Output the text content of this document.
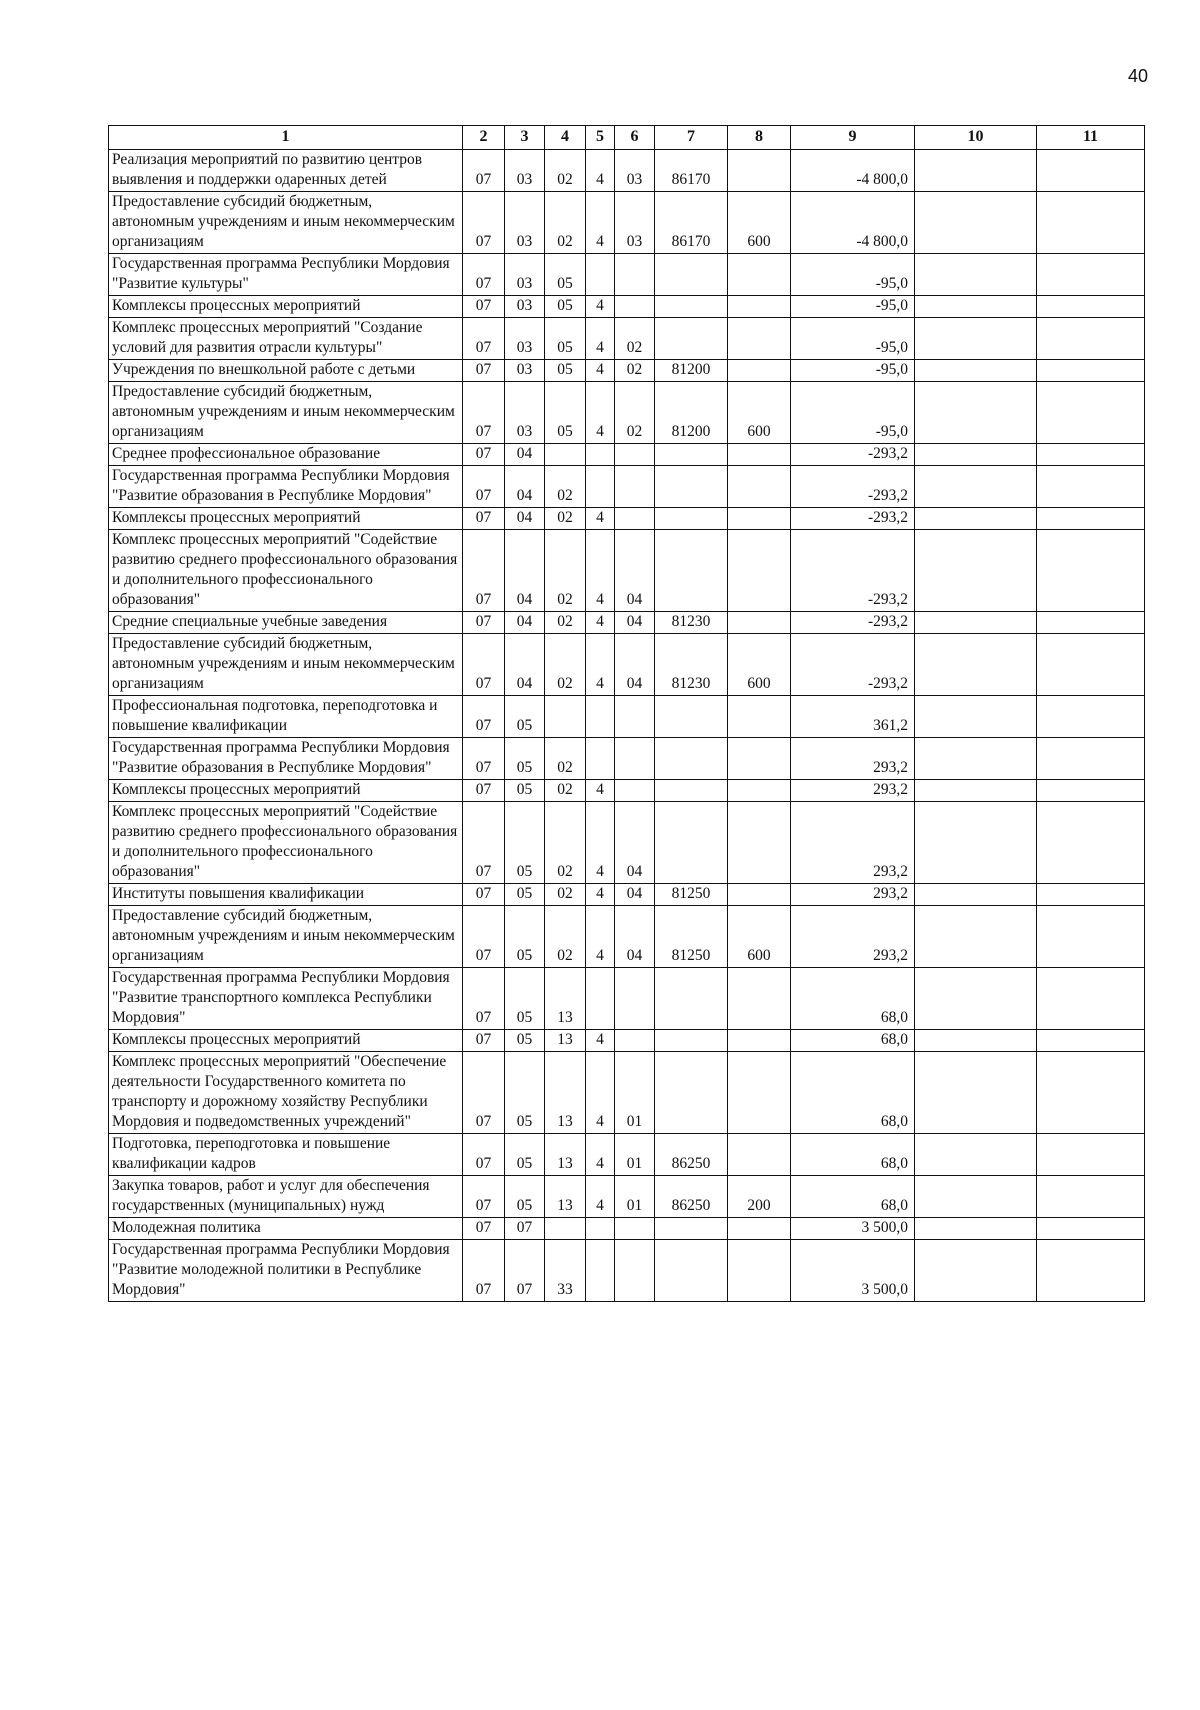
40
1	2	3	4	5	6	7	8	9	10	11
Реализация мероприятий по развитию центров выявления и поддержки одаренных детей	07	03	02	4	03	86170		-4 800,0		
Предоставление субсидий бюджетным, автономным учреждениям и иным некоммерческим организациям	07	03	02	4	03	86170	600	-4 800,0		
Государственная программа Республики Мордовия "Развитие культуры"	07	03	05					-95,0		
Комплексы процессных мероприятий	07	03	05	4				-95,0		
Комплекс процессных мероприятий "Создание условий для развития отрасли культуры"	07	03	05	4	02			-95,0		
Учреждения по внешкольной работе с детьми	07	03	05	4	02	81200		-95,0		
Предоставление субсидий бюджетным, автономным учреждениям и иным некоммерческим организациям	07	03	05	4	02	81200	600	-95,0		
Среднее профессиональное образование	07	04						-293,2		
Государственная программа Республики Мордовия "Развитие образования в Республике Мордовия"	07	04	02					-293,2		
Комплексы процессных мероприятий	07	04	02	4				-293,2		
Комплекс процессных мероприятий "Содействие развитию среднего профессионального образования и дополнительного профессионального образования"	07	04	02	4	04			-293,2		
Средние специальные учебные заведения	07	04	02	4	04	81230		-293,2		
Предоставление субсидий бюджетным, автономным учреждениям и иным некоммерческим организациям	07	04	02	4	04	81230	600	-293,2		
Профессиональная подготовка, переподготовка и повышение квалификации	07	05						361,2		
Государственная программа Республики Мордовия "Развитие образования в Республике Мордовия"	07	05	02					293,2		
Комплексы процессных мероприятий	07	05	02	4				293,2		
Комплекс процессных мероприятий "Содействие развитию среднего профессионального образования и дополнительного профессионального образования"	07	05	02	4	04			293,2		
Институты повышения квалификации	07	05	02	4	04	81250		293,2		
Предоставление субсидий бюджетным, автономным учреждениям и иным некоммерческим организациям	07	05	02	4	04	81250	600	293,2		
Государственная программа Республики Мордовия "Развитие транспортного комплекса Республики Мордовия"	07	05	13					68,0		
Комплексы процессных мероприятий	07	05	13	4				68,0		
Комплекс процессных мероприятий "Обеспечение деятельности Государственного комитета по транспорту и дорожному хозяйству Республики Мордовия и подведомственных учреждений"	07	05	13	4	01			68,0		
Подготовка, переподготовка и повышение квалификации кадров	07	05	13	4	01	86250		68,0		
Закупка товаров, работ и услуг для обеспечения государственных (муниципальных) нужд	07	05	13	4	01	86250	200	68,0		
Молодежная политика	07	07						3 500,0		
Государственная программа Республики Мордовия "Развитие молодежной политики в Республике Мордовия"	07	07	33					3 500,0		
